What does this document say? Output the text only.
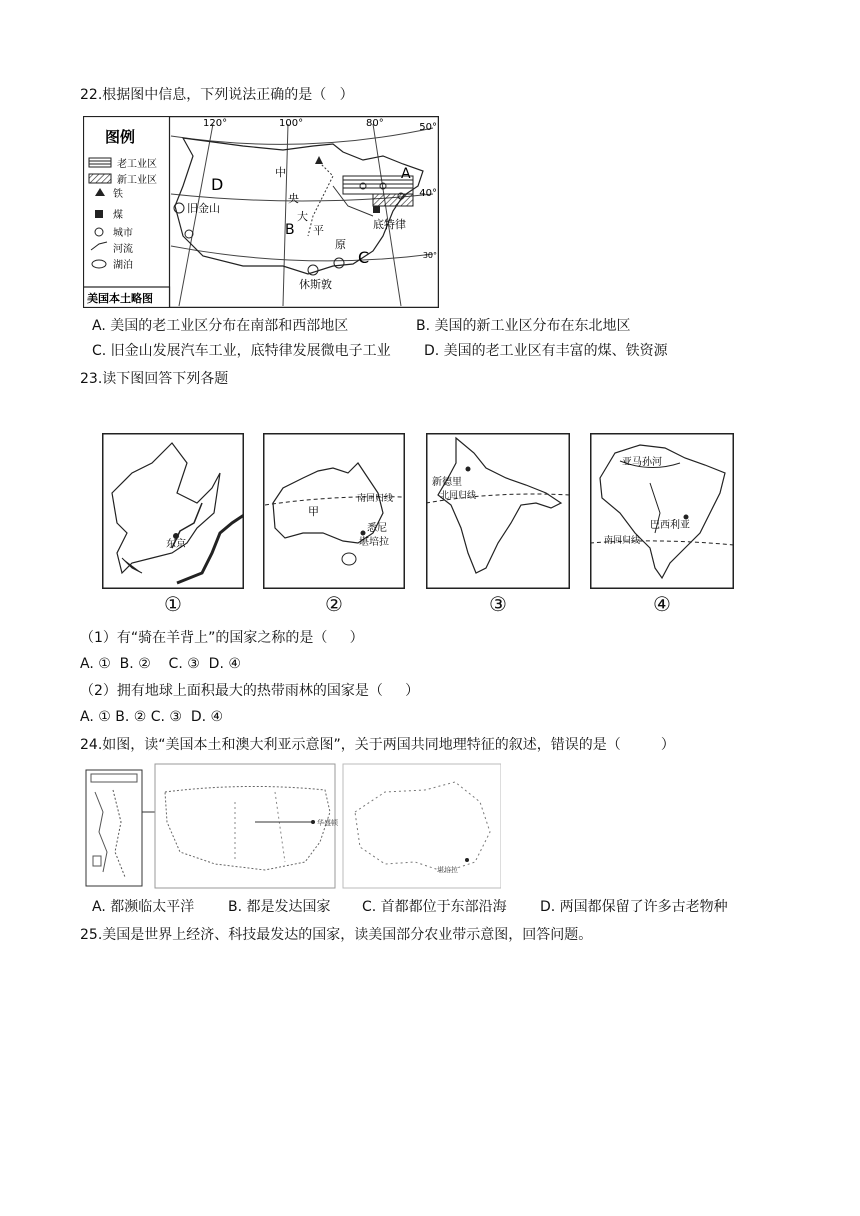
22.根据图中信息，下列说法正确的是（   ）
图例
老工业区
新工业区
铁
煤
城市
河流
湖泊
美国本土略图
120°	100°	80°	50°
40°
30°
D
A
B
C
中
央
大
平
原
旧金山
底特律
休斯敦
A. 美国的老工业区分布在南部和西部地区	B. 美国的新工业区分布在东北地区
C. 旧金山发展汽车工业，底特律发展微电子工业 D. 美国的老工业区有丰富的煤、铁资源
23.读下图回答下列各题
东京
南回归线
甲
悉尼
堪培拉
新德里
北回归线
亚马孙河
巴西利亚
南回归线
①	②	③	④
（1）有“骑在羊背上”的国家之称的是（     ）
A. ①  B. ②    C. ③  D. ④
（2）拥有地球上面积最大的热带雨林的国家是（     ）
A. ① B. ② C. ③  D. ④
24.如图，读“美国本土和澳大利亚示意图”，关于两国共同地理特征的叙述，错误的是（         ）
华盛顿
堪培拉
A. 都濒临太平洋 B. 都是发达国家 C. 首都都位于东部沿海 D. 两国都保留了许多古老物种
25.美国是世界上经济、科技最发达的国家，读美国部分农业带示意图，回答问题。
